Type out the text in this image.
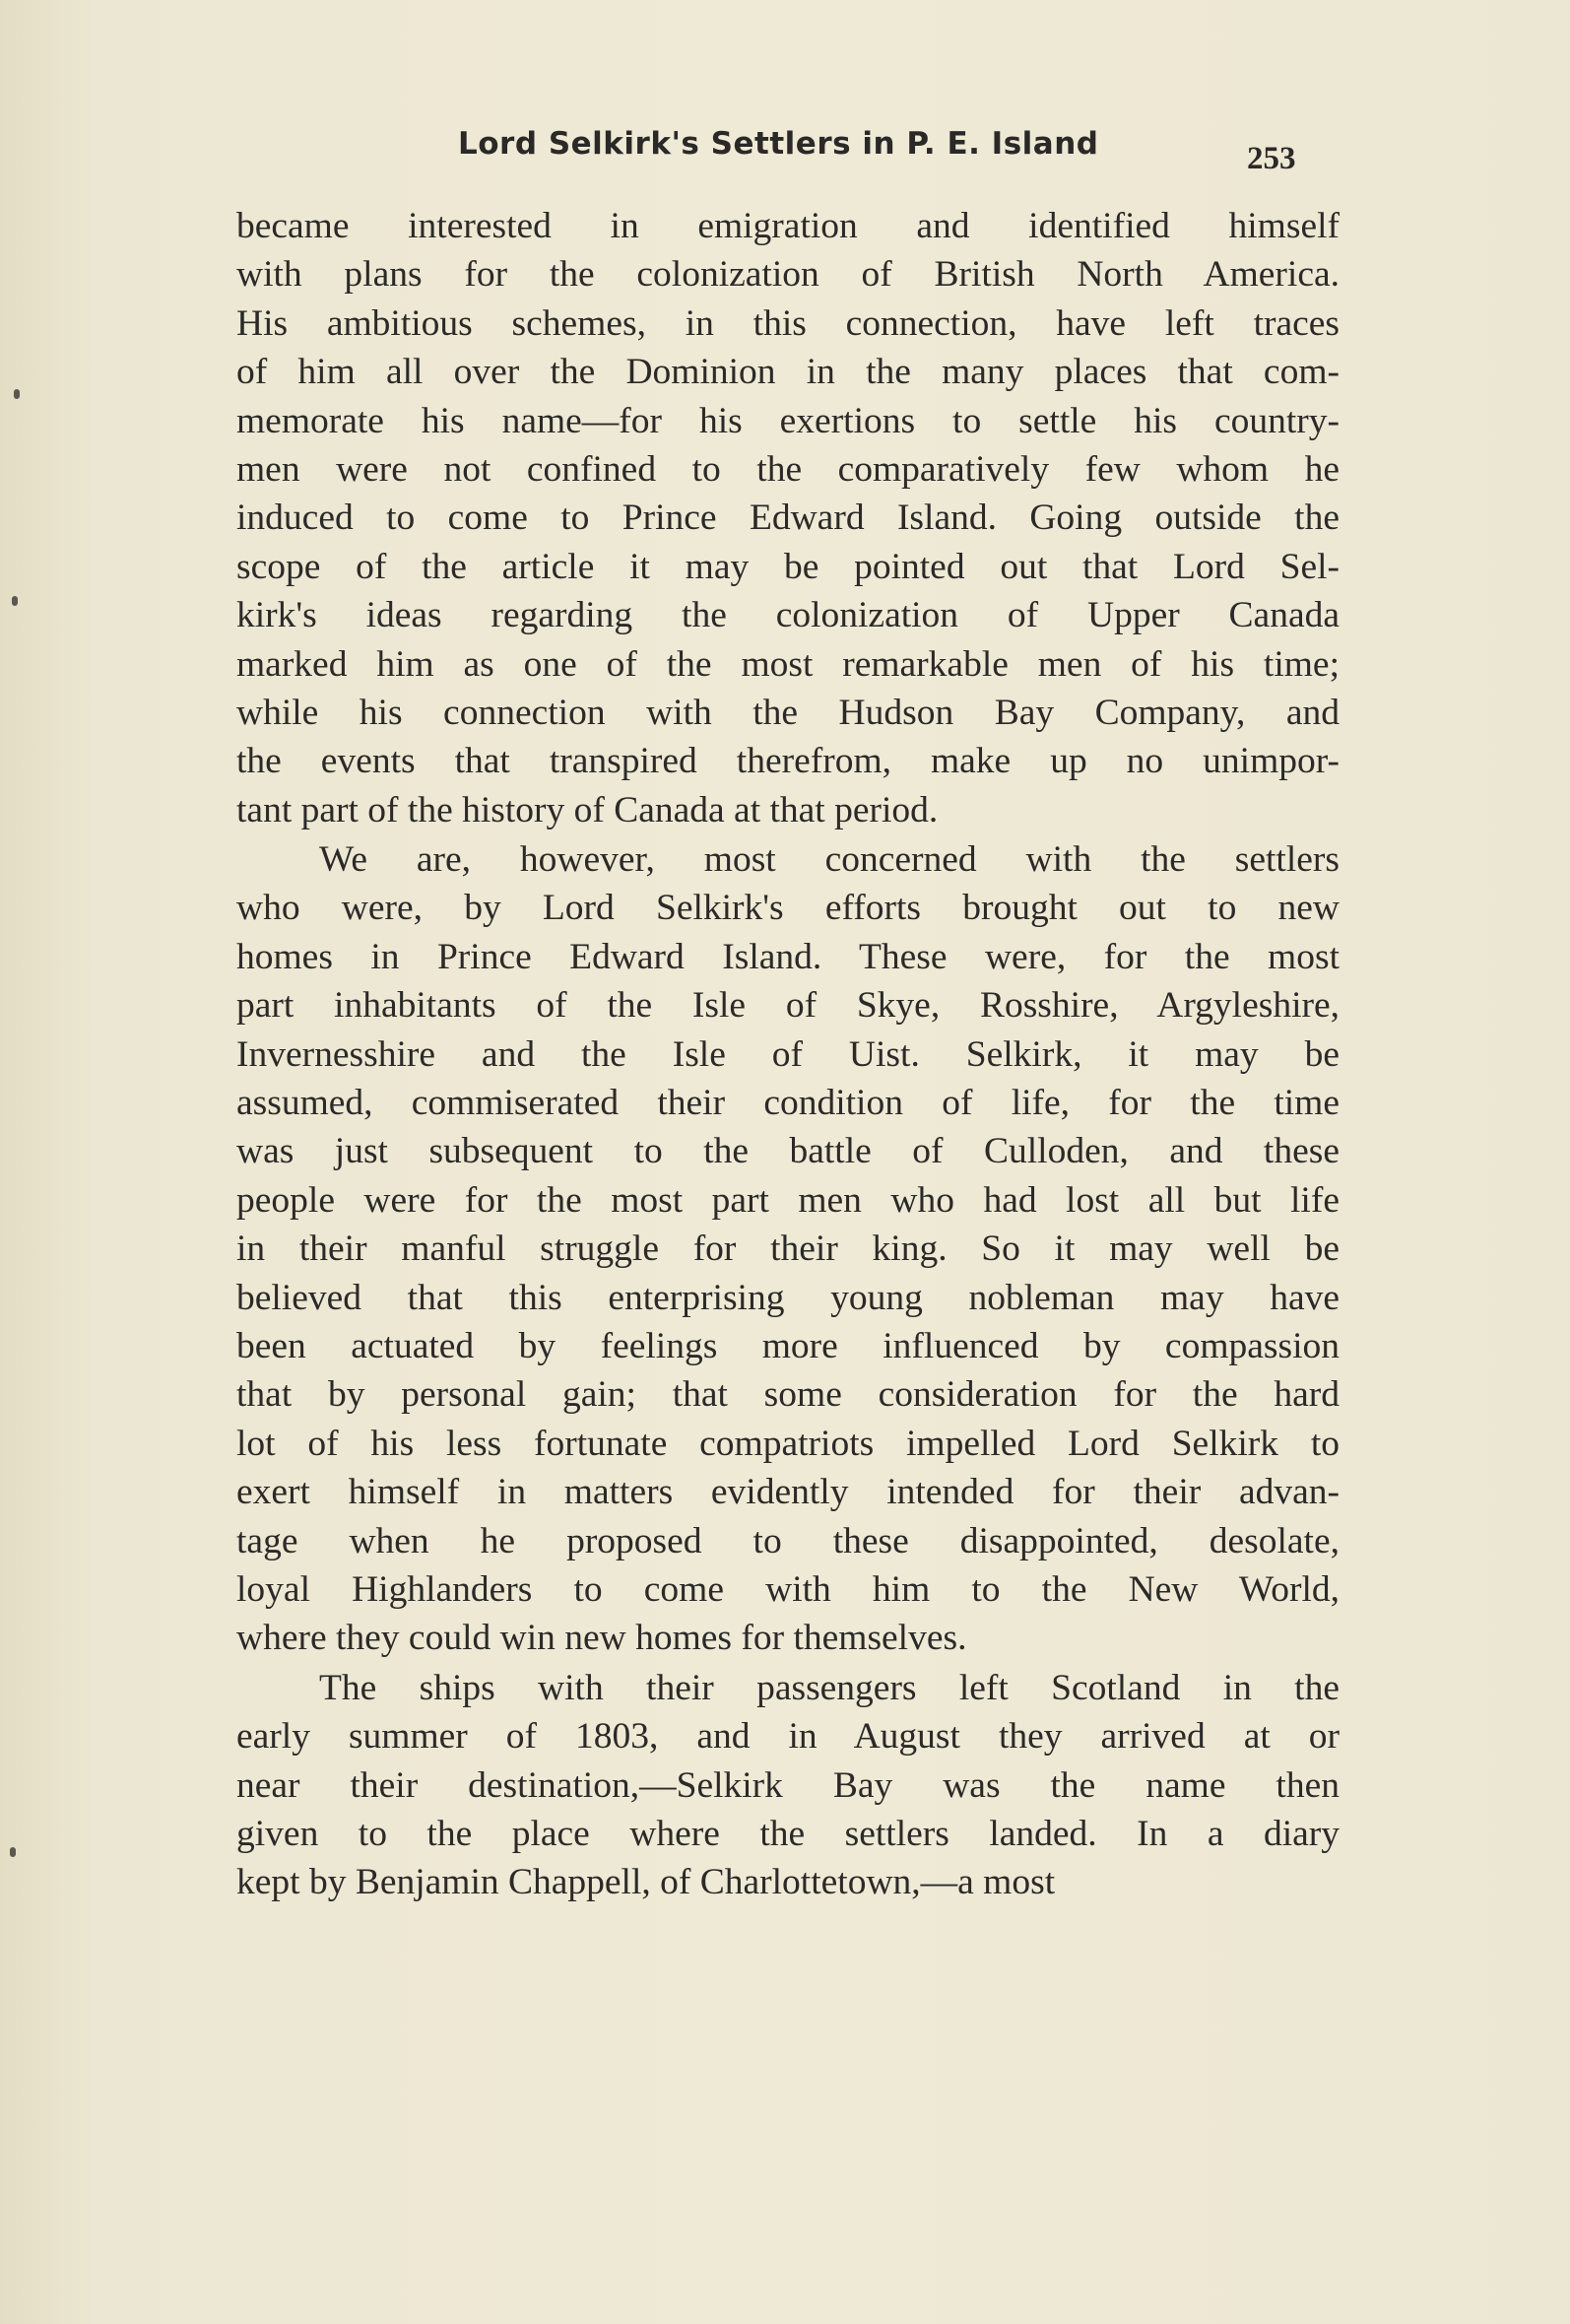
Lord Selkirk's Settlers in P. E. Island	253
became interested in emigration and identified himself
with plans for the colonization of British North America.
His ambitious schemes, in this connection, have left traces
of him all over the Dominion in the many places that com-
memorate his name—for his exertions to settle his country-
men were not confined to the comparatively few whom he
induced to come to Prince Edward Island. Going outside the
scope of the article it may be pointed out that Lord Sel-
kirk's ideas regarding the colonization of Upper Canada
marked him as one of the most remarkable men of his time;
while his connection with the Hudson Bay Company, and
the events that transpired therefrom, make up no unimpor-
tant part of the history of Canada at that period.
We are, however, most concerned with the settlers
who were, by Lord Selkirk's efforts brought out to new
homes in Prince Edward Island. These were, for the most
part inhabitants of the Isle of Skye, Rosshire, Argyleshire,
Invernesshire and the Isle of Uist. Selkirk, it may be
assumed, commiserated their condition of life, for the time
was just subsequent to the battle of Culloden, and these
people were for the most part men who had lost all but life
in their manful struggle for their king. So it may well be
believed that this enterprising young nobleman may have
been actuated by feelings more influenced by compassion
that by personal gain; that some consideration for the hard
lot of his less fortunate compatriots impelled Lord Selkirk to
exert himself in matters evidently intended for their advan-
tage when he proposed to these disappointed, desolate,
loyal Highlanders to come with him to the New World,
where they could win new homes for themselves.
The ships with their passengers left Scotland in the
early summer of 1803, and in August they arrived at or
near their destination,—Selkirk Bay was the name then
given to the place where the settlers landed. In a diary
kept by Benjamin Chappell, of Charlottetown,—a most
